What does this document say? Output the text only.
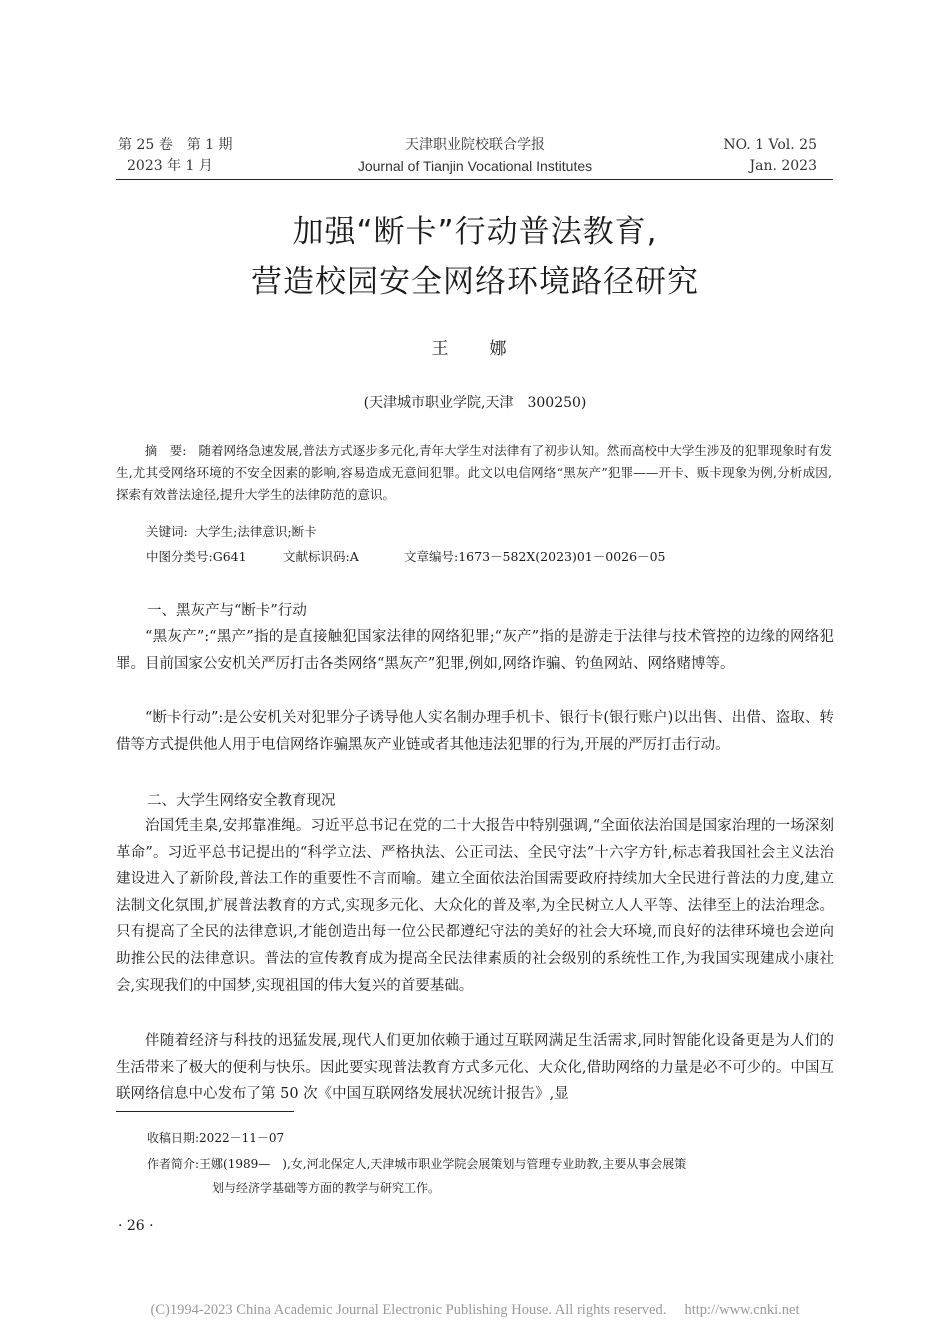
第 25 卷　第 1 期
2023 年 1 月
天津职业院校联合学报
Journal of Tianjin Vocational Institutes
NO. 1 Vol. 25
Jan. 2023
加强“断卡”行动普法教育,
营造校园安全网络环境路径研究
王　娜
(天津城市职业学院,天津　300250)
摘　要: 随着网络急速发展,普法方式逐步多元化,青年大学生对法律有了初步认知。然而高校中大学生涉及的犯罪现象时有发生,尤其受网络环境的不安全因素的影响,容易造成无意间犯罪。此文以电信网络“黑灰产”犯罪——开卡、贩卡现象为例,分析成因,探索有效普法途径,提升大学生的法律防范的意识。
关键词: 大学生;法律意识;断卡
中图分类号:G641	文献标识码:A	文章编号:1673－582X(2023)01－0026－05
一、黑灰产与“断卡”行动
“黑灰产”:“黑产”指的是直接触犯国家法律的网络犯罪;“灰产”指的是游走于法律与技术管控的边缘的网络犯罪。目前国家公安机关严厉打击各类网络“黑灰产”犯罪,例如,网络诈骗、钓鱼网站、网络赌博等。
“断卡行动”:是公安机关对犯罪分子诱导他人实名制办理手机卡、银行卡(银行账户)以出售、出借、盗取、转借等方式提供他人用于电信网络诈骗黑灰产业链或者其他违法犯罪的行为,开展的严厉打击行动。
二、大学生网络安全教育现况
治国凭圭臬,安邦靠准绳。习近平总书记在党的二十大报告中特别强调,“全面依法治国是国家治理的一场深刻革命”。习近平总书记提出的“科学立法、严格执法、公正司法、全民守法”十六字方针,标志着我国社会主义法治建设进入了新阶段,普法工作的重要性不言而喻。建立全面依法治国需要政府持续加大全民进行普法的力度,建立法制文化氛围,扩展普法教育的方式,实现多元化、大众化的普及率,为全民树立人人平等、法律至上的法治理念。只有提高了全民的法律意识,才能创造出每一位公民都遵纪守法的美好的社会大环境,而良好的法律环境也会逆向助推公民的法律意识。普法的宣传教育成为提高全民法律素质的社会级别的系统性工作,为我国实现建成小康社会,实现我们的中国梦,实现祖国的伟大复兴的首要基础。
伴随着经济与科技的迅猛发展,现代人们更加依赖于通过互联网满足生活需求,同时智能化设备更是为人们的生活带来了极大的便利与快乐。因此要实现普法教育方式多元化、大众化,借助网络的力量是必不可少的。中国互联网络信息中心发布了第 50 次《中国互联网络发展状况统计报告》,显
收稿日期:2022－11－07
作者简介:王娜(1989—　),女,河北保定人,天津城市职业学院会展策划与管理专业助教,主要从事会展策
划与经济学基础等方面的教学与研究工作。
· 26 ·
(C)1994-2023 China Academic Journal Electronic Publishing House. All rights reserved.　 http://www.cnki.net
